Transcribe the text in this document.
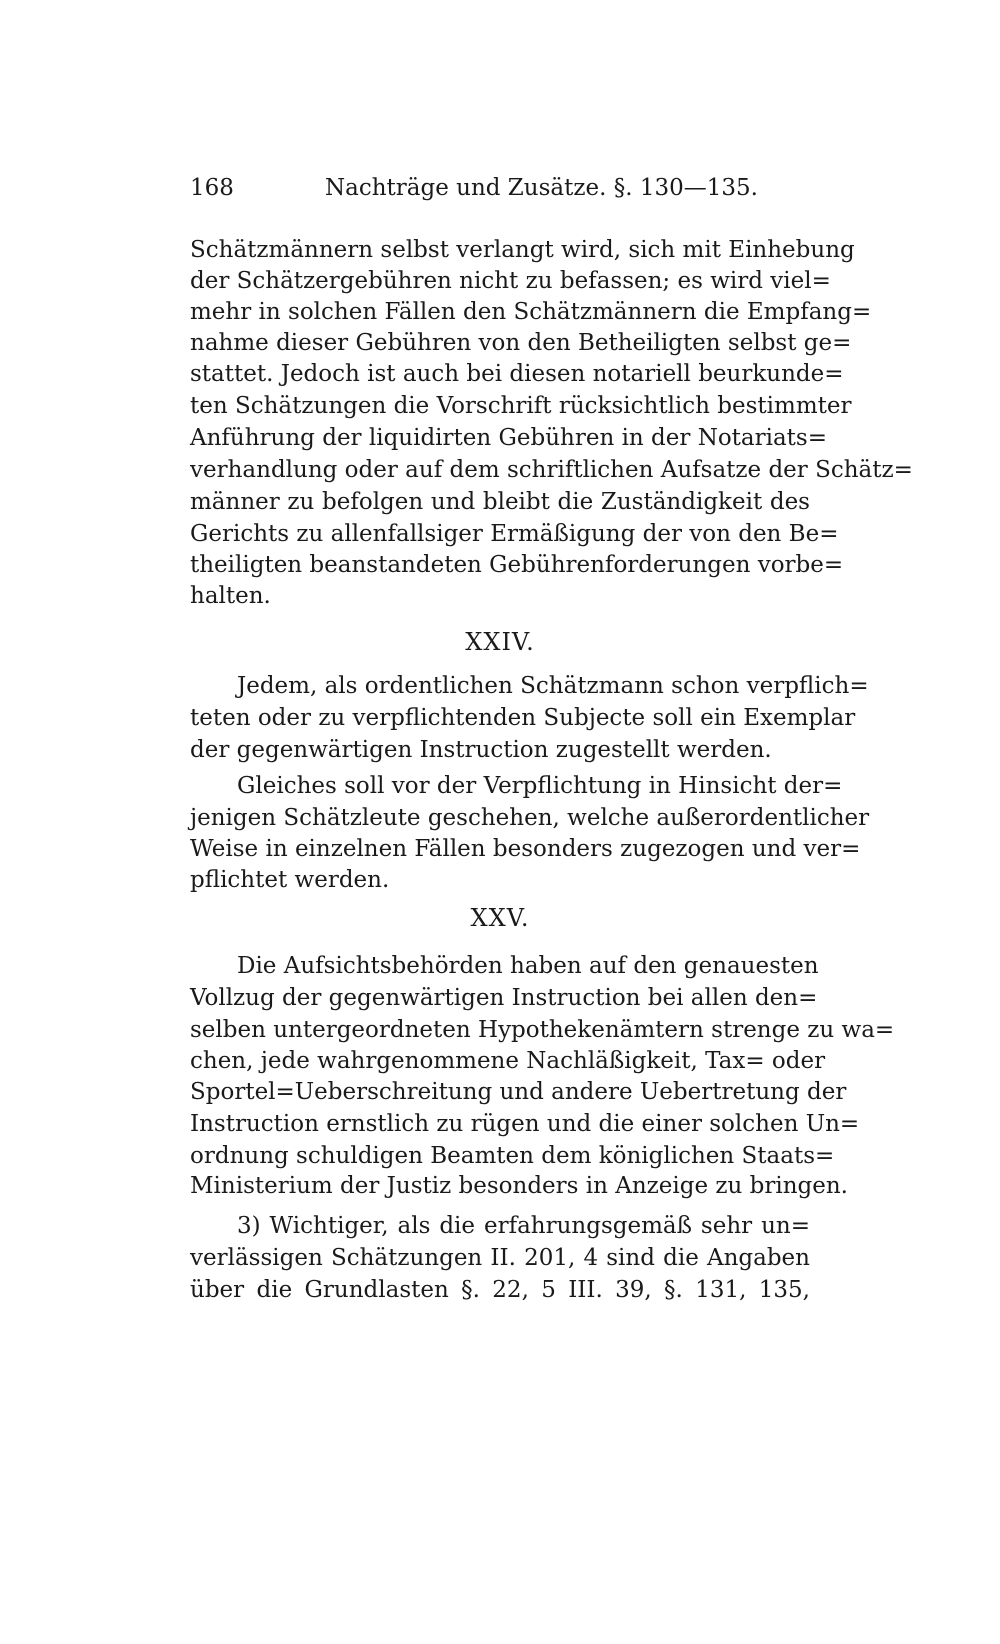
168	Nachträge und Zusätze. §. 130—135.
Schätzmännern selbst verlangt wird, sich mit Einhebung
der Schätzergebühren nicht zu befassen; es wird viel=
mehr in solchen Fällen den Schätzmännern die Empfang=
nahme dieser Gebühren von den Betheiligten selbst ge=
stattet. Jedoch ist auch bei diesen notariell beurkunde=
ten Schätzungen die Vorschrift rücksichtlich bestimmter
Anführung der liquidirten Gebühren in der Notariats=
verhandlung oder auf dem schriftlichen Aufsatze der Schätz=
männer zu befolgen und bleibt die Zuständigkeit des
Gerichts zu allenfallsiger Ermäßigung der von den Be=
theiligten beanstandeten Gebührenforderungen vorbe=
halten.
XXIV.
Jedem, als ordentlichen Schätzmann schon verpflich=
teten oder zu verpflichtenden Subjecte soll ein Exemplar
der gegenwärtigen Instruction zugestellt werden.
Gleiches soll vor der Verpflichtung in Hinsicht der=
jenigen Schätzleute geschehen, welche außerordentlicher
Weise in einzelnen Fällen besonders zugezogen und ver=
pflichtet werden.
XXV.
Die Aufsichtsbehörden haben auf den genauesten
Vollzug der gegenwärtigen Instruction bei allen den=
selben untergeordneten Hypothekenämtern strenge zu wa=
chen, jede wahrgenommene Nachläßigkeit, Tax= oder
Sportel=Ueberschreitung und andere Uebertretung der
Instruction ernstlich zu rügen und die einer solchen Un=
ordnung schuldigen Beamten dem königlichen Staats=
Ministerium der Justiz besonders in Anzeige zu bringen.
3) Wichtiger, als die erfahrungsgemäß sehr un=
verlässigen Schätzungen II. 201, 4 sind die Angaben
über die Grundlasten §. 22, 5 III. 39, §. 131, 135,
